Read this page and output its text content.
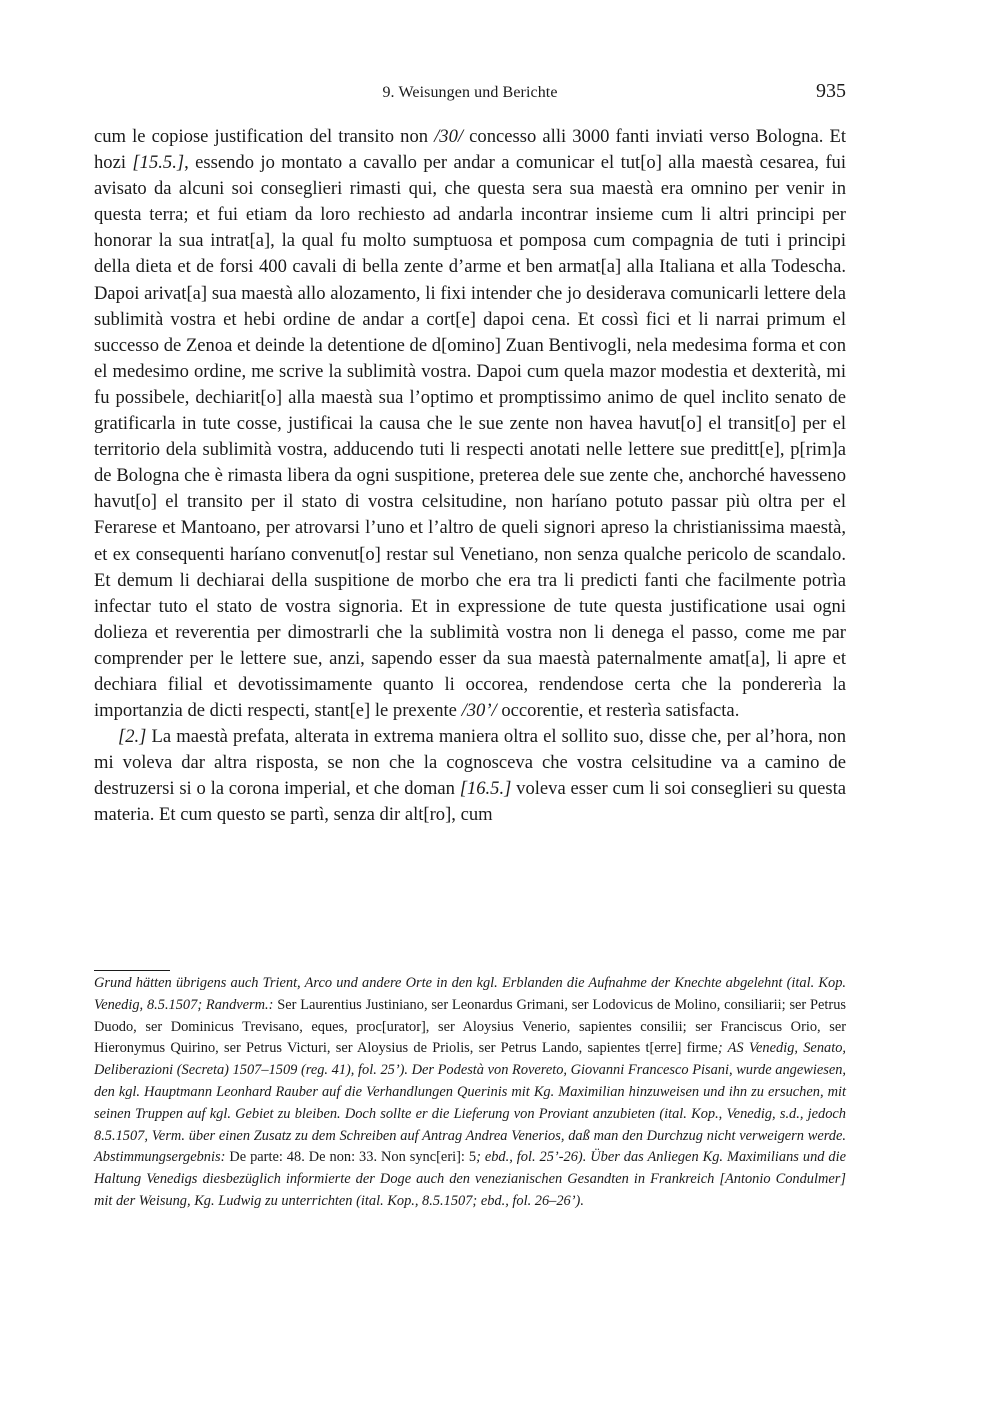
9. Weisungen und Berichte	935

cum le copiose justification del transito non /30/ concesso alli 3000 fanti inviati verso Bologna. Et hozi [15.5.], essendo jo montato a cavallo per andar a comunicar el tut[o] alla maestà cesarea, fui avisato da alcuni soi conseglieri rimasti qui, che questa sera sua maestà era omnino per venir in questa terra; et fui etiam da loro rechiesto ad andarla incontrar insieme cum li altri principi per honorar la sua intrat[a], la qual fu molto sumptuosa et pomposa cum compagnia de tuti i principi della dieta et de forsi 400 cavali di bella zente d’arme et ben armat[a] alla Italiana et alla Todescha. Dapoi arivat[a] sua maestà allo alozamento, li fixi intender che jo desiderava comunicarli lettere dela sublimità vostra et hebi ordine de andar a cort[e] dapoi cena. Et cossì fici et li narrai primum el successo de Zenoa et deinde la detentione de d[omino] Zuan Bentivogli, nela medesima forma et con el medesimo ordine, me scrive la sublimità vostra. Dapoi cum quela mazor modestia et dexterità, mi fu possibele, dechiarit[o] alla maestà sua l’optimo et promptissimo animo de quel inclito senato de gratificarla in tute cosse, justificai la causa che le sue zente non havea havut[o] el transit[o] per el territorio dela sublimità vostra, adducendo tuti li respecti anotati nelle lettere sue preditt[e], p[rim]a de Bologna che è rimasta libera da ogni suspitione, preterea dele sue zente che, anchorché havesseno havut[o] el transito per il stato di vostra celsitudine, non haríano potuto passar più oltra per el Ferarese et Mantoano, per atrovarsi l’uno et l’altro de queli signori apreso la christianissima maestà, et ex consequenti haríano convenut[o] restar sul Venetiano, non senza qualche pericolo de scandalo. Et demum li dechiarai della suspitione de morbo che era tra li predicti fanti che facilmente potrìa infectar tuto el stato de vostra signoria. Et in expressione de tute questa justificatione usai ogni dolieza et reverentia per dimostrarli che la sublimità vostra non li denega el passo, come me par comprender per le lettere sue, anzi, sapendo esser da sua maestà paternalmente amat[a], li apre et dechiara filial et devotissimamente quanto li occorea, rendendose certa che la pondererìa la importanzia de dicti respecti, stant[e] le prexente /30’/ occorentie, et resterìa satisfacta.

[2.] La maestà prefata, alterata in extrema maniera oltra el sollito suo, disse che, per al’hora, non mi voleva dar altra risposta, se non che la cognosceva che vostra celsitudine va a camino de destruzersi si o la corona imperial, et che doman [16.5.] voleva esser cum li soi conseglieri su questa materia. Et cum questo se partì, senza dir alt[ro], cum

Grund hätten übrigens auch Trient, Arco und andere Orte in den kgl. Erblanden die Aufnahme der Knechte abgelehnt (ital. Kop. Venedig, 8.5.1507; Randverm.: Ser Laurentius Justiniano, ser Leonardus Grimani, ser Lodovicus de Molino, consiliarii; ser Petrus Duodo, ser Dominicus Trevisano, eques, proc[urator], ser Aloysius Venerio, sapientes consilii; ser Franciscus Orio, ser Hieronymus Quirino, ser Petrus Victuri, ser Aloysius de Priolis, ser Petrus Lando, sapientes t[erre] firme; AS Venedig, Senato, Deliberazioni (Secreta) 1507–1509 (reg. 41), fol. 25’). Der Podestà von Rovereto, Giovanni Francesco Pisani, wurde angewiesen, den kgl. Hauptmann Leonhard Rauber auf die Verhandlungen Querinis mit Kg. Maximilian hinzuweisen und ihn zu ersuchen, mit seinen Truppen auf kgl. Gebiet zu bleiben. Doch sollte er die Lieferung von Proviant anzubieten (ital. Kop., Venedig, s.d., jedoch 8.5.1507, Verm. über einen Zusatz zu dem Schreiben auf Antrag Andrea Venerios, daß man den Durchzug nicht verweigern werde. Abstimmungsergebnis: De parte: 48. De non: 33. Non sync[eri]: 5; ebd., fol. 25’-26). Über das Anliegen Kg. Maximilians und die Haltung Venedigs diesbezüglich informierte der Doge auch den venezianischen Gesandten in Frankreich [Antonio Condulmer] mit der Weisung, Kg. Ludwig zu unterrichten (ital. Kop., 8.5.1507; ebd., fol. 26–26’).
